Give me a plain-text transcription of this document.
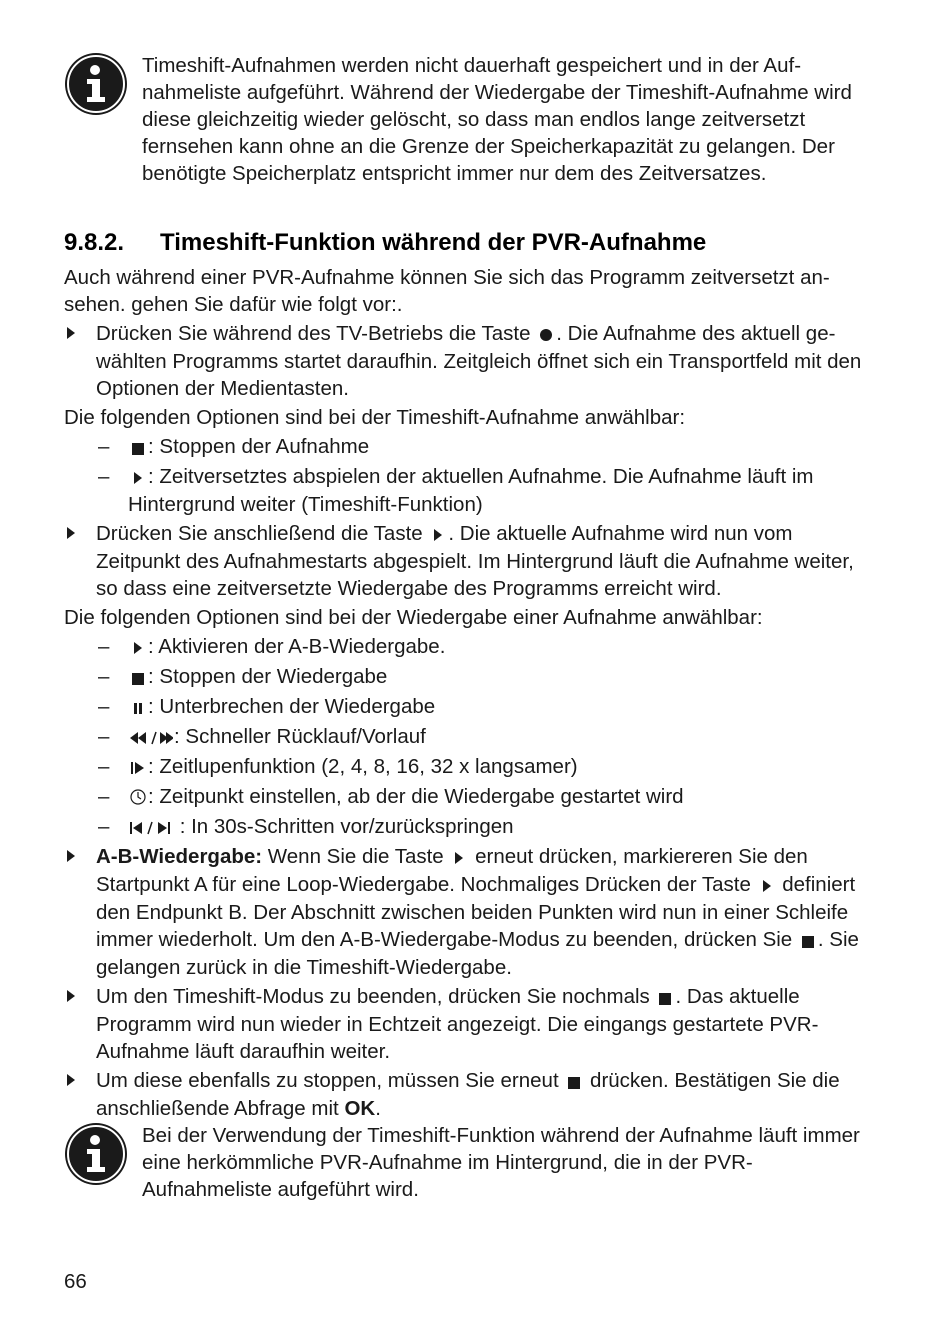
Timeshift-Aufnahmen werden nicht dauerhaft gespeichert und in der Aufnahmeliste aufgeführt. Während der Wiedergabe der Timeshift-Aufnahme wird diese gleichzeitig wieder gelöscht, so dass man endlos lange zeitversetzt fernsehen kann ohne an die Grenze der Speicherkapazität zu gelangen. Der benötigte Speicherplatz entspricht immer nur dem des Zeitversatzes.

9.8.2. Timeshift-Funktion während der PVR-Aufnahme

Auch während einer PVR-Aufnahme können Sie sich das Programm zeitversetzt ansehen. gehen Sie dafür wie folgt vor:.

Drücken Sie während des TV-Betriebs die Taste . Die Aufnahme des aktuell gewählten Programms startet daraufhin. Zeitgleich öffnet sich ein Transportfeld mit den Optionen der Medientasten.

Die folgenden Optionen sind bei der Timeshift-Aufnahme anwählbar:

– : Stoppen der Aufnahme
– : Zeitversetztes abspielen der aktuellen Aufnahme. Die Aufnahme läuft im Hintergrund weiter (Timeshift-Funktion)
Drücken Sie anschließend die Taste . Die aktuelle Aufnahme wird nun vom Zeitpunkt des Aufnahmestarts abgespielt. Im Hintergrund läuft die Aufnahme weiter, so dass eine zeitversetzte Wiedergabe des Programms erreicht wird.

Die folgenden Optionen sind bei der Wiedergabe einer Aufnahme anwählbar:

– : Aktivieren der A-B-Wiedergabe.
– : Stoppen der Wiedergabe
– : Unterbrechen der Wiedergabe
–	: Schneller Rücklauf/Vorlauf
– : Zeitlupenfunktion (2, 4, 8, 16, 32 x langsamer)
– : Zeitpunkt einstellen, ab der die Wiedergabe gestartet wird
–	: In 30s-Schritten vor/zurückspringen
A-B-Wiedergabe: Wenn Sie die Taste  erneut drücken, markiereren Sie den Startpunkt A für eine Loop-Wiedergabe. Nochmaliges Drücken der Taste  definiert den Endpunkt B. Der Abschnitt zwischen beiden Punkten wird nun in einer Schleife immer wiederholt. Um den A-B-Wiedergabe-Modus zu beenden, drücken Sie . Sie gelangen zurück in die Timeshift-Wiedergabe.
Um den Timeshift-Modus zu beenden, drücken Sie nochmals . Das aktuelle Programm wird nun wieder in Echtzeit angezeigt. Die eingangs gestartete PVR-Aufnahme läuft daraufhin weiter.
Um diese ebenfalls zu stoppen, müssen Sie erneut  drücken. Bestätigen Sie die anschließende Abfrage mit OK.

Bei der Verwendung der Timeshift-Funktion während der Aufnahme läuft immer eine herkömmliche PVR-Aufnahme im Hintergrund, die in der PVR-Aufnahmeliste aufgeführt wird.

66
